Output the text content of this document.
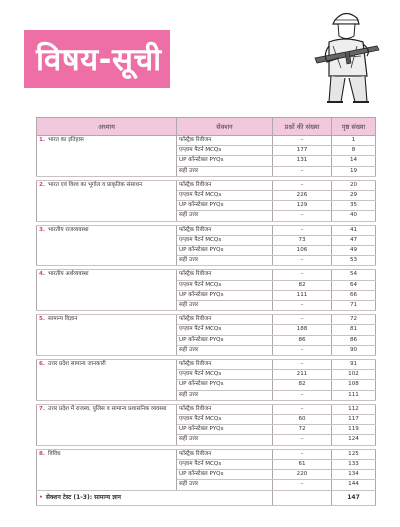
विषय-सूची
अध्याय	सेक्शन	प्रश्नों की संख्या	पृष्ठ संख्या
1. भारत का इतिहास	फॉस्ट्रैक रिवीजन	–	1
	एग्ज़ाम पैटर्न MCQs	177	8
	UP कॉन्स्टेबल PYQs	131	14
	सही उत्तर	–	19

2. भारत एवं विश्व का भूगोल व प्राकृतिक संसाधन	फॉस्ट्रैक रिवीजन	–	20
	एग्ज़ाम पैटर्न MCQs	226	29
	UP कॉन्स्टेबल PYQs	129	35
	सही उत्तर	–	40

3. भारतीय राजव्यवस्था	फॉस्ट्रैक रिवीजन	–	41
	एग्ज़ाम पैटर्न MCQs	73	47
	UP कॉन्स्टेबल PYQs	106	49
	सही उत्तर	–	53

4. भारतीय अर्थव्यवस्था	फॉस्ट्रैक रिवीजन	–	54
	एग्ज़ाम पैटर्न MCQs	82	64
	UP कॉन्स्टेबल PYQs	111	66
	सही उत्तर	–	71

5. सामान्य विज्ञान	फॉस्ट्रैक रिवीजन	–	72
	एग्ज़ाम पैटर्न MCQs	188	81
	UP कॉन्स्टेबल PYQs	86	86
	सही उत्तर	–	90

6. उत्तर प्रदेश सामान्य जानकारी	फॉस्ट्रैक रिवीजन	–	91
	एग्ज़ाम पैटर्न MCQs	211	102
	UP कॉन्स्टेबल PYQs	82	108
	सही उत्तर	–	111

7. उत्तर प्रदेश में राजस्व, पुलिस व सामान्य प्रशासनिक व्यवस्था	फॉस्ट्रैक रिवीजन	–	112
	एग्ज़ाम पैटर्न MCQs	60	117
	UP कॉन्स्टेबल PYQs	72	119
	सही उत्तर	–	124

8. विविध	फॉस्ट्रैक रिवीजन	–	125
	एग्ज़ाम पैटर्न MCQs	61	133
	UP कॉन्स्टेबल PYQs	220	134
	सही उत्तर	–	144
• सेक्शन टेस्ट (1-3): सामान्य ज्ञान			147
